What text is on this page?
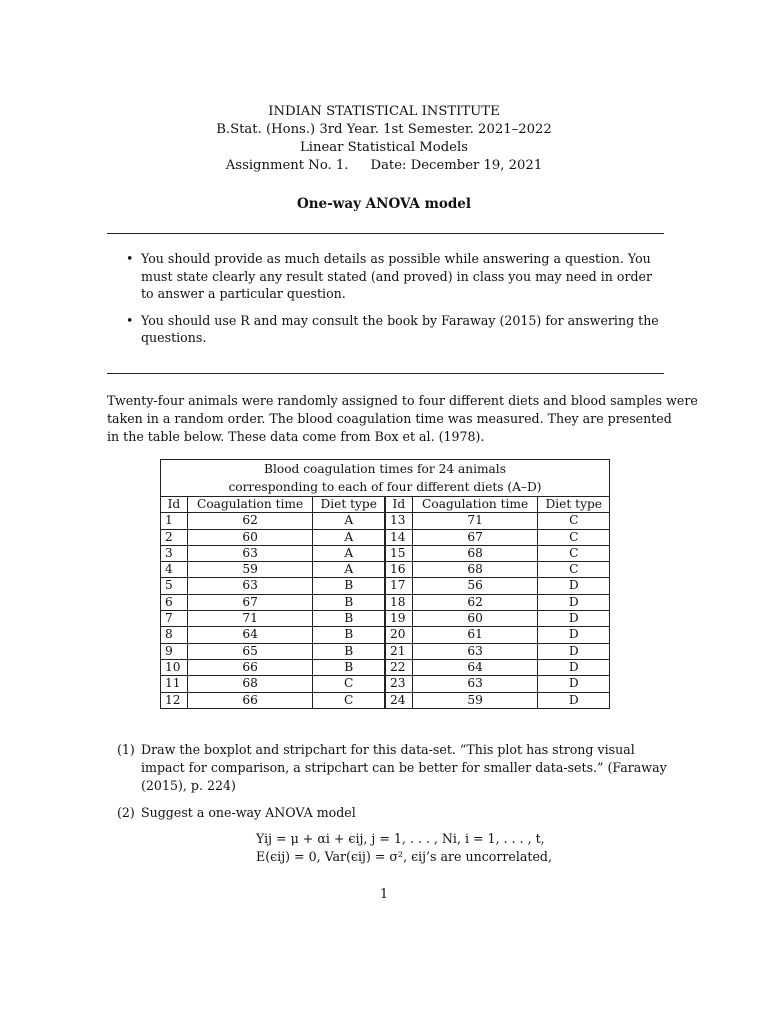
INDIAN STATISTICAL INSTITUTE
B.Stat. (Hons.) 3rd Year. 1st Semester. 2021–2022
Linear Statistical Models
Assignment No. 1. Date: December 19, 2021
One-way ANOVA model
• You should provide as much details as possible while answering a question. You must state clearly any result stated (and proved) in class you may need in order to answer a particular question.
• You should use R and may consult the book by Faraway (2015) for answering the questions.
Twenty-four animals were randomly assigned to four different diets and blood samples were
taken in a random order. The blood coagulation time was measured. They are presented
in the table below. These data come from Box et al. (1978).
Blood coagulation times for 24 animals
corresponding to each of four different diets (A–D)					
Id	Coagulation time	Diet type	Id	Coagulation time	Diet type
1	62	A	13	71	C
2	60	A	14	67	C
3	63	A	15	68	C
4	59	A	16	68	C
5	63	B	17	56	D
6	67	B	18	62	D
7	71	B	19	60	D
8	64	B	20	61	D
9	65	B	21	63	D
10	66	B	22	64	D
11	68	C	23	63	D
12	66	C	24	59	D
(1) Draw the boxplot and stripchart for this data-set. “This plot has strong visual impact for comparison, a stripchart can be better for smaller data-sets.” (Faraway (2015), p. 224)
(2) Suggest a one-way ANOVA model
Yij = μ + αi + ϵij, j = 1, . . . , Ni, i = 1, . . . , t,
E(ϵij) = 0, Var(ϵij) = σ², ϵij’s are uncorrelated,
1
